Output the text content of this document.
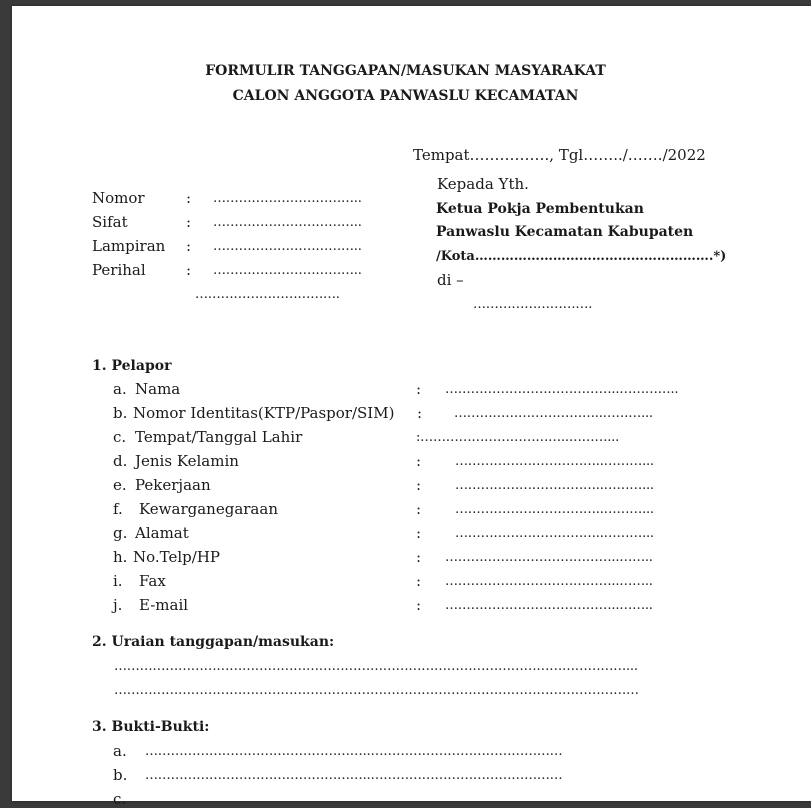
FORMULIR TANGGAPAN/MASUKAN MASYARAKAT
CALON ANGGOTA PANWASLU KECAMATAN
Tempat……………., Tgl……../……./2022
Nomor	: ……………………………..
Sifat	: ……………………………..
Lampiran : ……………………………..
Perihal	: ……………………………..
…………………………….
Kepada Yth.
Ketua Pokja Pembentukan
Panwaslu Kecamatan Kabupaten
/Kota……………………………………………….*)
di –
……………………….
1. Pelapor
a. Nama	: …………………………………..…………..
b. Nomor Identitas(KTP/Paspor/SIM) : ……………………………..………...
c. Tempat/Tanggal Lahir	:……………………………..………...
d. Jenis Kelamin	:	……………………………..………...
e. Pekerjaan	:	……………………………..………...
f. Kewarganegaraan	:	……………………………..………...
g. Alamat	:	……………………………..………...
h. No.Telp/HP	: …………………………………..……..
i. Fax	: …………………………………..……..
j. E-mail	: …………………………………..……..
2. Uraian tanggapan/masukan:
…………………………………………………………………………………………………………...
……………………………………………………………………………………………………………
3. Bukti-Bukti:
a. ……………………………………………..………………………………………
b. ……………………………………………..………………………………………
c.
